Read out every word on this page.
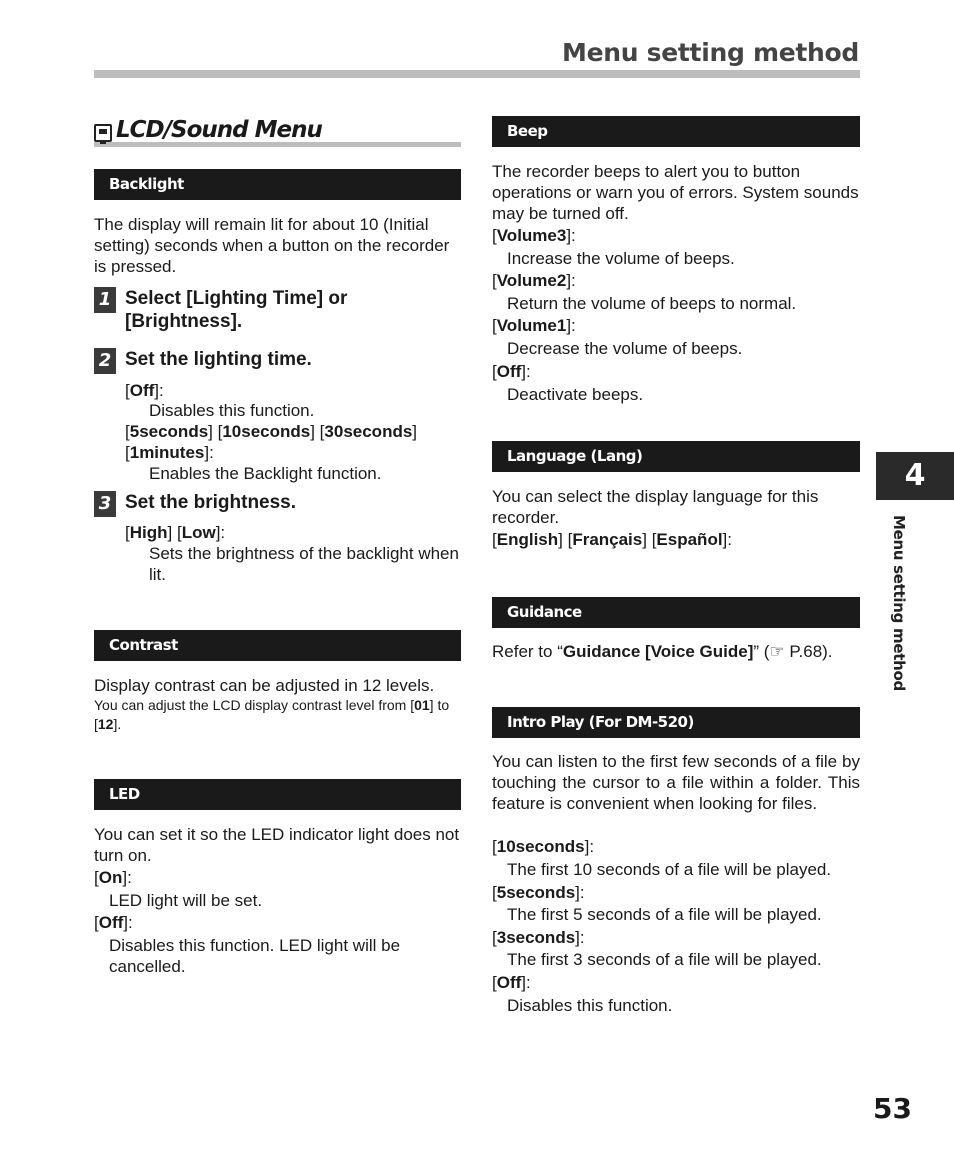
Menu setting method
LCD/Sound Menu
Backlight
The display will remain lit for about 10 (Initial setting) seconds when a button on the recorder is pressed.
1 Select [Lighting Time] or [Brightness].
2 Set the lighting time.
[Off]:
Disables this function.
[5seconds] [10seconds] [30seconds]
[1minutes]:
Enables the Backlight function.
3 Set the brightness.
[High] [Low]:
Sets the brightness of the backlight when lit.
Contrast
Display contrast can be adjusted in 12 levels.
You can adjust the LCD display contrast level from [01] to [12].
LED
You can set it so the LED indicator light does not turn on.
[On]:
LED light will be set.
[Off]:
Disables this function. LED light will be cancelled.
Beep
The recorder beeps to alert you to button operations or warn you of errors. System sounds may be turned off.
[Volume3]:
Increase the volume of beeps.
[Volume2]:
Return the volume of beeps to normal.
[Volume1]:
Decrease the volume of beeps.
[Off]:
Deactivate beeps.
Language (Lang)
You can select the display language for this recorder.
[English] [Français] [Español]:
Guidance
Refer to “Guidance [Voice Guide]” (☞ P.68).
Intro Play (For DM-520)
You can listen to the first few seconds of a file by touching the cursor to a file within a folder. This feature is convenient when looking for files.
[10seconds]:
The first 10 seconds of a file will be played.
[5seconds]:
The first 5 seconds of a file will be played.
[3seconds]:
The first 3 seconds of a file will be played.
[Off]:
Disables this function.
4
Menu setting method
53
